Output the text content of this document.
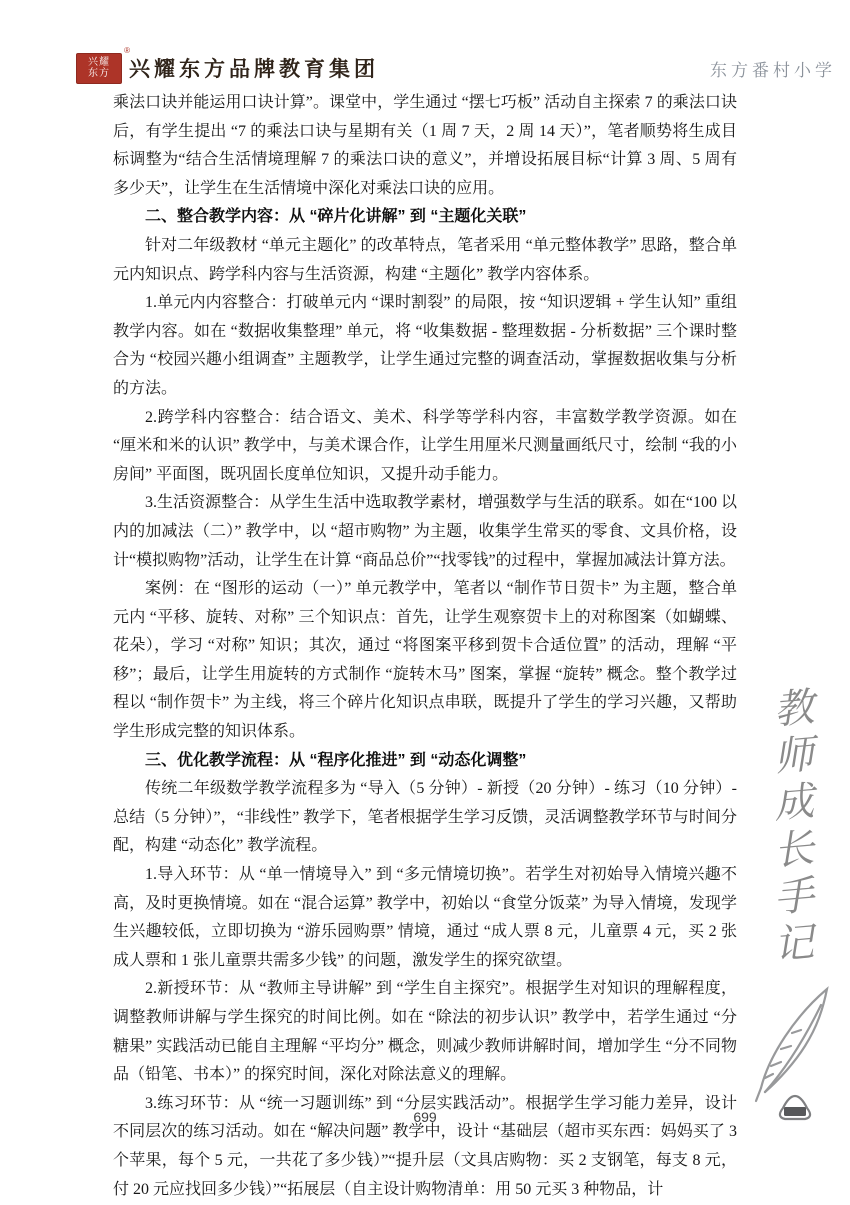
兴耀
东方
®
兴耀东方品牌教育集团	东方番村小学

乘法口诀并能运用口诀计算”。课堂中，学生通过 “摆七巧板” 活动自主探索 7 的乘法口诀后，有学生提出 “7 的乘法口诀与星期有关（1 周 7 天，2 周 14 天）”，笔者顺势将生成目标调整为“结合生活情境理解 7 的乘法口诀的意义”，并增设拓展目标“计算 3 周、5 周有多少天”，让学生在生活情境中深化对乘法口诀的应用。

二、整合教学内容：从 “碎片化讲解” 到 “主题化关联”

针对二年级教材 “单元主题化” 的改革特点，笔者采用 “单元整体教学” 思路，整合单元内知识点、跨学科内容与生活资源，构建 “主题化” 教学内容体系。

1.单元内内容整合：打破单元内 “课时割裂” 的局限，按 “知识逻辑 + 学生认知” 重组教学内容。如在 “数据收集整理” 单元，将 “收集数据 - 整理数据 - 分析数据” 三个课时整合为 “校园兴趣小组调查” 主题教学，让学生通过完整的调查活动，掌握数据收集与分析的方法。

2.跨学科内容整合：结合语文、美术、科学等学科内容，丰富数学教学资源。如在 “厘米和米的认识” 教学中，与美术课合作，让学生用厘米尺测量画纸尺寸，绘制 “我的小房间” 平面图，既巩固长度单位知识，又提升动手能力。

3.生活资源整合：从学生生活中选取教学素材，增强数学与生活的联系。如在“100 以内的加减法（二）” 教学中，以 “超市购物” 为主题，收集学生常买的零食、文具价格，设计“模拟购物”活动，让学生在计算 “商品总价”“找零钱”的过程中，掌握加减法计算方法。

案例：在 “图形的运动（一）” 单元教学中，笔者以 “制作节日贺卡” 为主题，整合单元内 “平移、旋转、对称” 三个知识点：首先，让学生观察贺卡上的对称图案（如蝴蝶、花朵），学习 “对称” 知识；其次，通过 “将图案平移到贺卡合适位置” 的活动，理解 “平移”；最后，让学生用旋转的方式制作 “旋转木马” 图案，掌握 “旋转” 概念。整个教学过程以 “制作贺卡” 为主线，将三个碎片化知识点串联，既提升了学生的学习兴趣，又帮助学生形成完整的知识体系。

三、优化教学流程：从 “程序化推进” 到 “动态化调整”

传统二年级数学教学流程多为 “导入（5 分钟）- 新授（20 分钟）- 练习（10 分钟）- 总结（5 分钟）”，“非线性” 教学下，笔者根据学生学习反馈，灵活调整教学环节与时间分配，构建 “动态化” 教学流程。

1.导入环节：从 “单一情境导入” 到 “多元情境切换”。若学生对初始导入情境兴趣不高，及时更换情境。如在 “混合运算” 教学中，初始以 “食堂分饭菜” 为导入情境，发现学生兴趣较低，立即切换为 “游乐园购票” 情境，通过 “成人票 8 元，儿童票 4 元，买 2 张成人票和 1 张儿童票共需多少钱” 的问题，激发学生的探究欲望。

2.新授环节：从 “教师主导讲解” 到 “学生自主探究”。根据学生对知识的理解程度，调整教师讲解与学生探究的时间比例。如在 “除法的初步认识” 教学中，若学生通过 “分糖果” 实践活动已能自主理解 “平均分” 概念，则减少教师讲解时间，增加学生 “分不同物品（铅笔、书本）” 的探究时间，深化对除法意义的理解。

3.练习环节：从 “统一习题训练” 到 “分层实践活动”。根据学生学习能力差异，设计不同层次的练习活动。如在 “解决问题” 教学中，设计 “基础层（超市买东西：妈妈买了 3 个苹果，每个 5 元，一共花了多少钱）”“提升层（文具店购物：买 2 支钢笔，每支 8 元，付 20 元应找回多少钱）”“拓展层（自主设计购物清单：用 50 元买 3 种物品，计

699
教
师
成
长
手
记
